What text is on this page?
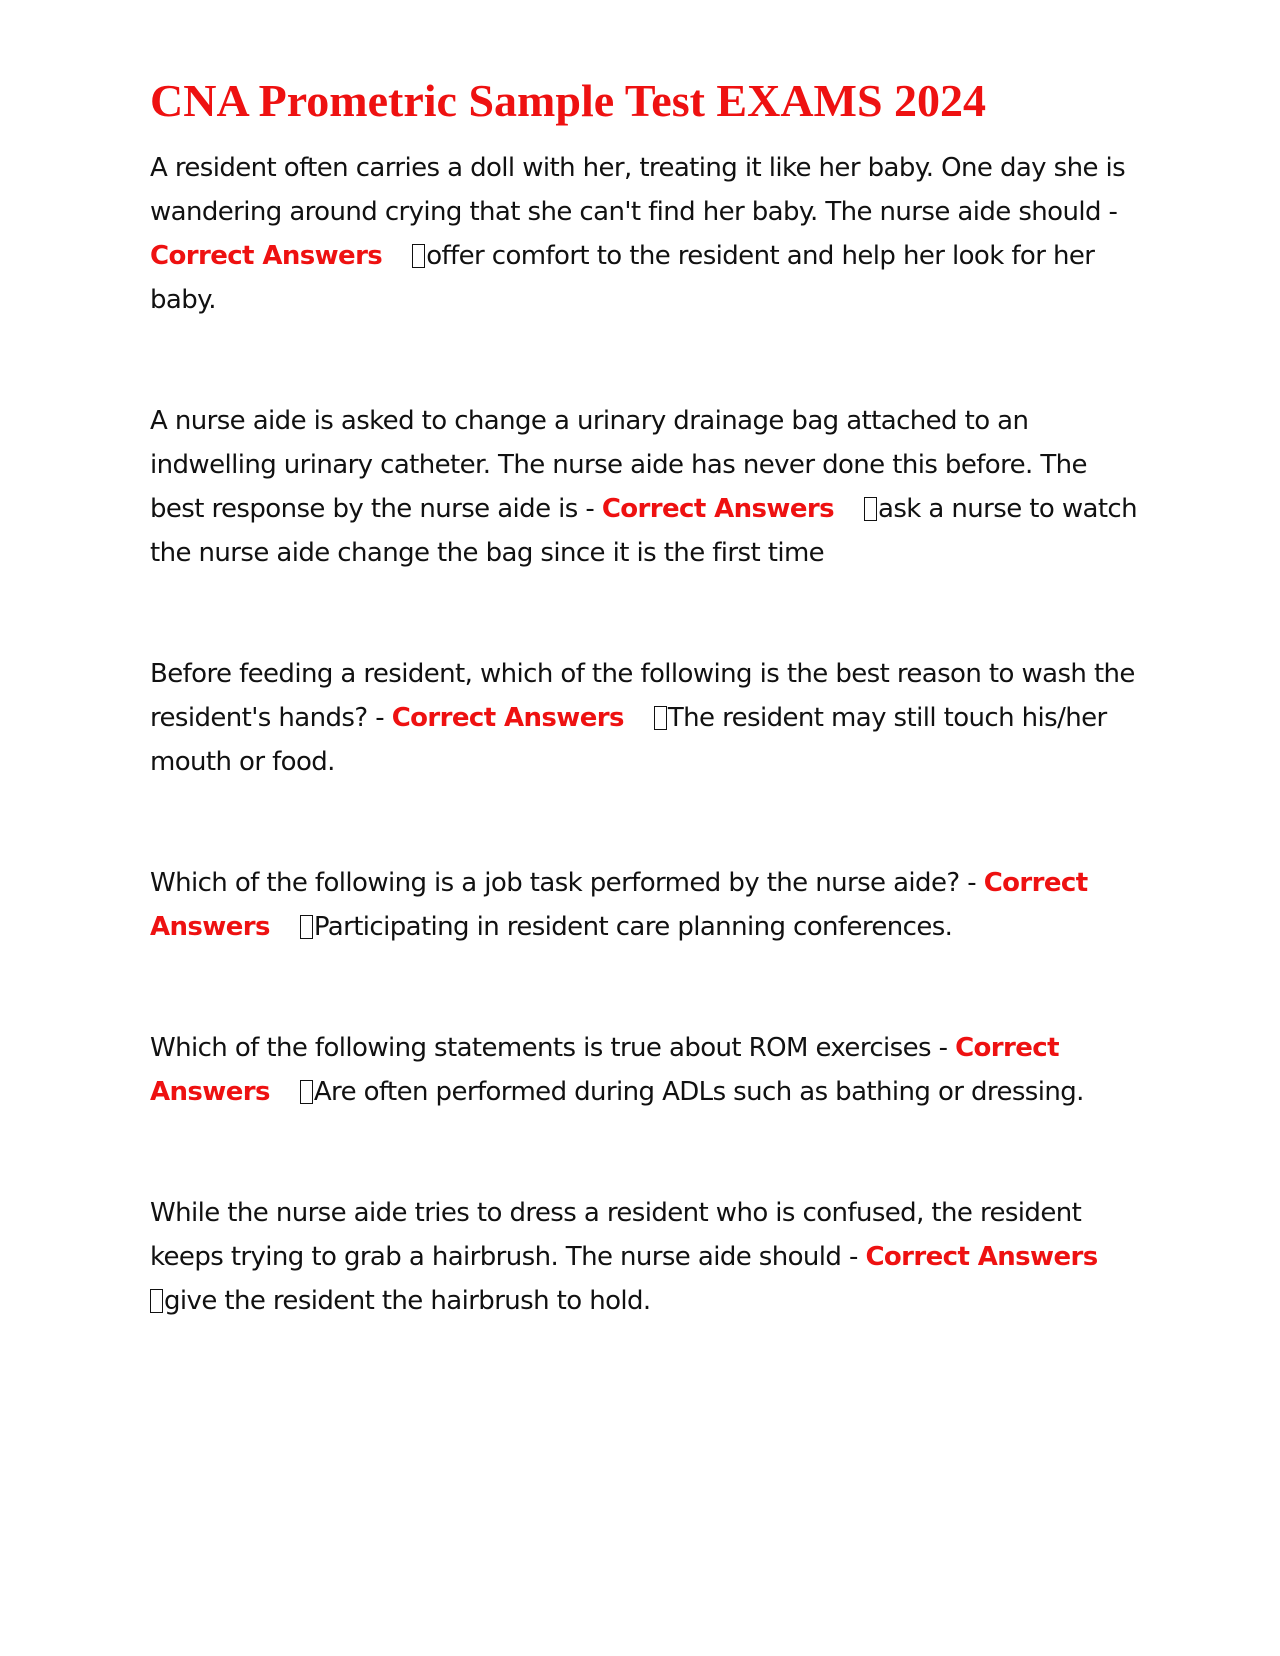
CNA Prometric Sample Test EXAMS 2024

A resident often carries a doll with her, treating it like her baby. One day she is wandering around crying that she can't find her baby. The nurse aide should - Correct Answers offer comfort to the resident and help her look for her baby.

A nurse aide is asked to change a urinary drainage bag attached to an indwelling urinary catheter. The nurse aide has never done this before. The best response by the nurse aide is - Correct Answers ask a nurse to watch the nurse aide change the bag since it is the first time

Before feeding a resident, which of the following is the best reason to wash the resident's hands? - Correct Answers The resident may still touch his/her mouth or food.

Which of the following is a job task performed by the nurse aide? - Correct Answers Participating in resident care planning conferences.

Which of the following statements is true about ROM exercises - Correct Answers Are often performed during ADLs such as bathing or dressing.

While the nurse aide tries to dress a resident who is confused, the resident keeps trying to grab a hairbrush. The nurse aide should - Correct Answersgive the resident the hairbrush to hold.
